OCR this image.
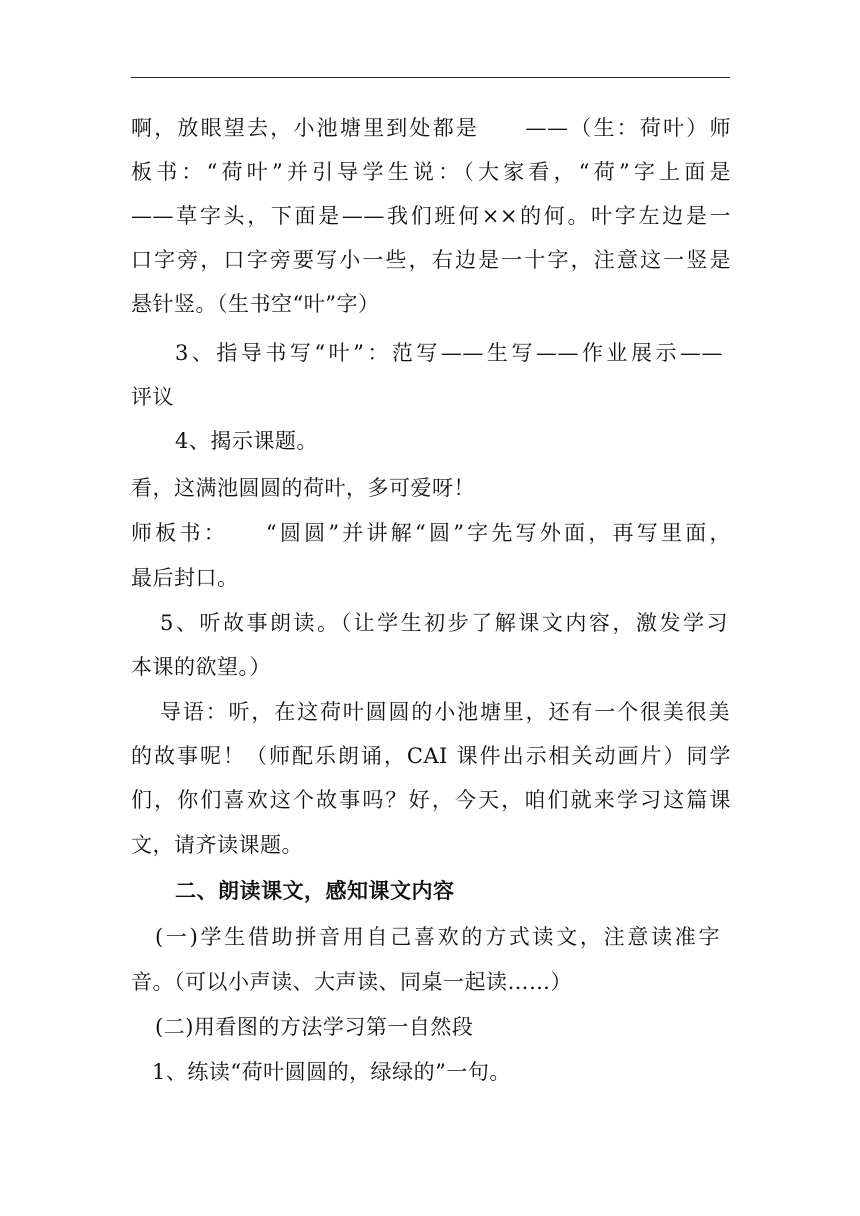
啊，放眼望去，小池塘里到处都是　　——（生：荷叶）师
板书：“荷叶”并引导学生说：（大家看，“荷”字上面是
——草字头，下面是——我们班何××的何。叶字左边是一
口字旁，口字旁要写小一些，右边是一十字，注意这一竖是
悬针竖。（生书空“叶”字）
3、指导书写“叶”：范写——生写——作业展示——
评议
4、揭示课题。
看，这满池圆圆的荷叶，多可爱呀！
师板书：　　“圆圆”并讲解“圆”字先写外面，再写里面，
最后封口。
5、听故事朗读。（让学生初步了解课文内容，激发学习
本课的欲望。）
导语：听，在这荷叶圆圆的小池塘里，还有一个很美很美
的故事呢！（师配乐朗诵，CAI 课件出示相关动画片）同学
们，你们喜欢这个故事吗？好，今天，咱们就来学习这篇课
文，请齐读课题。
二、朗读课文，感知课文内容
(一)学生借助拼音用自己喜欢的方式读文，注意读准字
音。（可以小声读、大声读、同桌一起读……）
(二)用看图的方法学习第一自然段
1、练读“荷叶圆圆的，绿绿的”一句。
